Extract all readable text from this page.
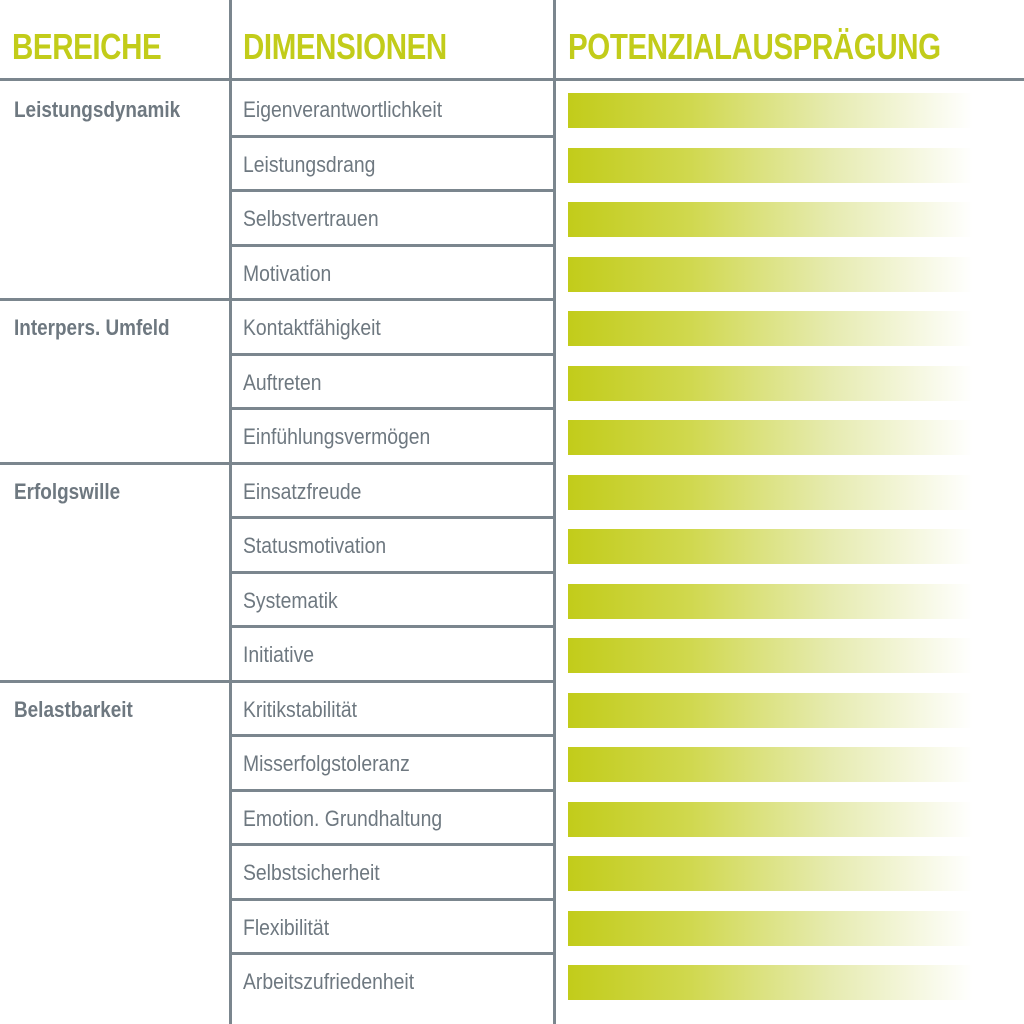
BEREICHE DIMENSIONEN	POTENZIALAUSPRÄGUNG
Leistungsdynamik	Eigenverantwortlichkeit
Leistungsdrang
Selbstvertrauen
Motivation
Interpers. Umfeld	Kontaktfähigkeit
Auftreten
Einfühlungsvermögen
Erfolgswille	Einsatzfreude
Statusmotivation
Systematik
Initiative
Belastbarkeit	Kritikstabilität
Misserfolgstoleranz
Emotion. Grundhaltung
Selbstsicherheit
Flexibilität
Arbeitszufriedenheit
